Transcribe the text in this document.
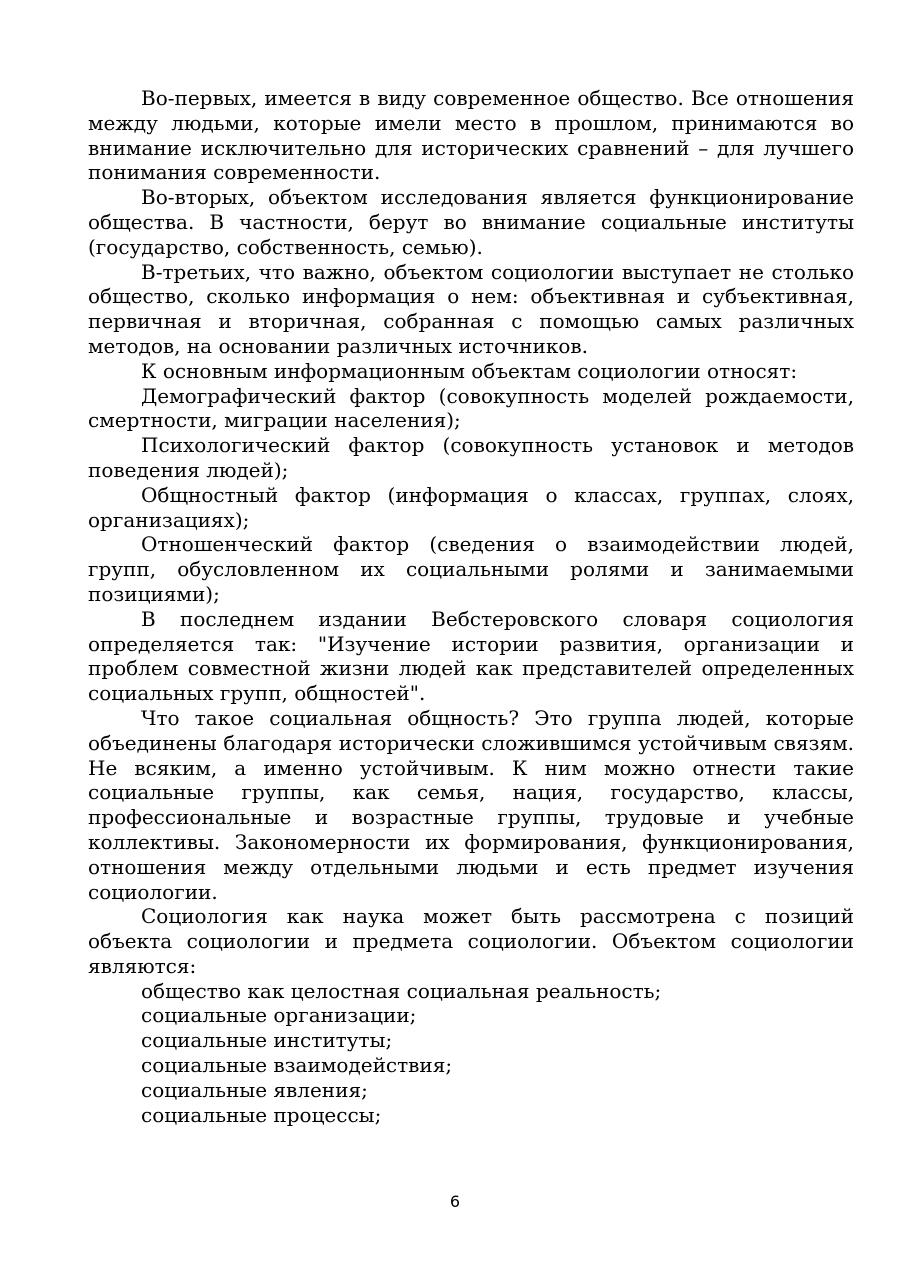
Во-первых, имеется в виду современное общество. Все отношения между людьми, которые имели место в прошлом, принимаются во внимание исключительно для исторических сравнений – для лучшего понимания современности.

Во-вторых, объектом исследования является функционирование общества. В частности, берут во внимание социальные институты (государство, собственность, семью).

В-третьих, что важно, объектом социологии выступает не столько общество, сколько информация о нем: объективная и субъективная, первичная и вторичная, собранная с помощью самых различных методов, на основании различных источников.

К основным информационным объектам социологии относят:

Демографический фактор (совокупность моделей рождаемости, смертности, миграции населения);

Психологический фактор (совокупность установок и методов поведения людей);

Общностный фактор (информация о классах, группах, слоях, организациях);

Отношенческий фактор (сведения о взаимодействии людей, групп, обусловленном их социальными ролями и занимаемыми позициями);

В последнем издании Вебстеровского словаря социология определяется так: "Изучение истории развития, организации и проблем совместной жизни людей как представителей определенных социальных групп, общностей".

Что такое социальная общность? Это группа людей, которые объединены благодаря исторически сложившимся устойчивым связям. Не всяким, а именно устойчивым. К ним можно отнести такие социальные группы, как семья, нация, государство, классы, профессиональные и возрастные группы, трудовые и учебные коллективы. Закономерности их формирования, функционирования, отношения между отдельными людьми и есть предмет изучения социологии.

Социология как наука может быть рассмотрена с позиций объекта социологии и предмета социологии. Объектом социологии являются:

общество как целостная социальная реальность;

социальные организации;

социальные институты;

социальные взаимодействия;

социальные явления;

социальные процессы;

6
